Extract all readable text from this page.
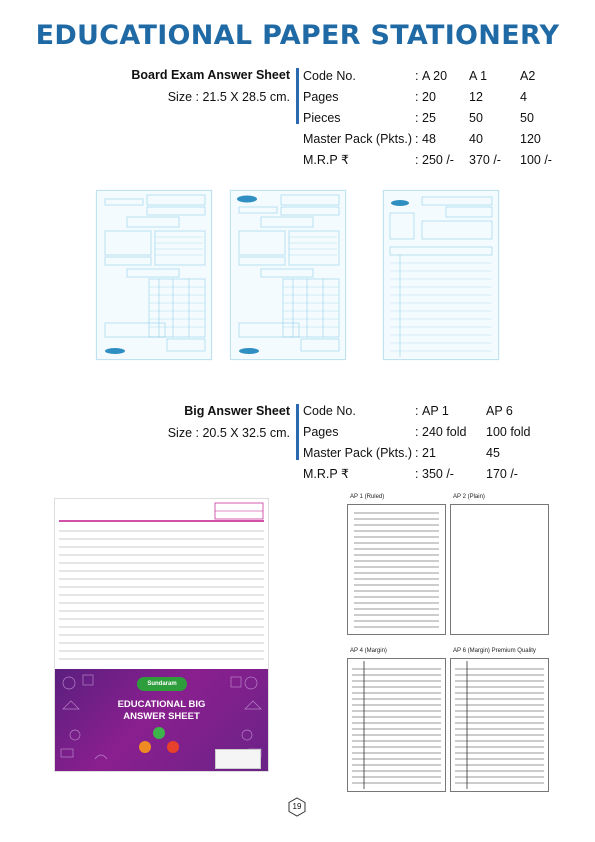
EDUCATIONAL PAPER STATIONERY
Board Exam Answer Sheet
Size : 21.5 X 28.5 cm.
Code No.	: A 20 A 1	A2
Pages	: 20	12	4
Pieces	: 25	50	50
Master Pack (Pkts.) : 48	40	120
M.R.P ₹	: 250 /- 370 /- 100 /-
Big Answer Sheet
Size : 20.5 X 32.5 cm.
Code No.	: AP 1	AP 6
Pages	: 240 fold 100 fold
Master Pack (Pkts.) : 21	45
M.R.P ₹	: 350 /-	170 /-
Sundaram
EDUCATIONAL BIG
ANSWER SHEET
AP 1 (Ruled)	AP 2 (Plain)
AP 4 (Margin)	AP 6 (Margin) Premium Quality
19
